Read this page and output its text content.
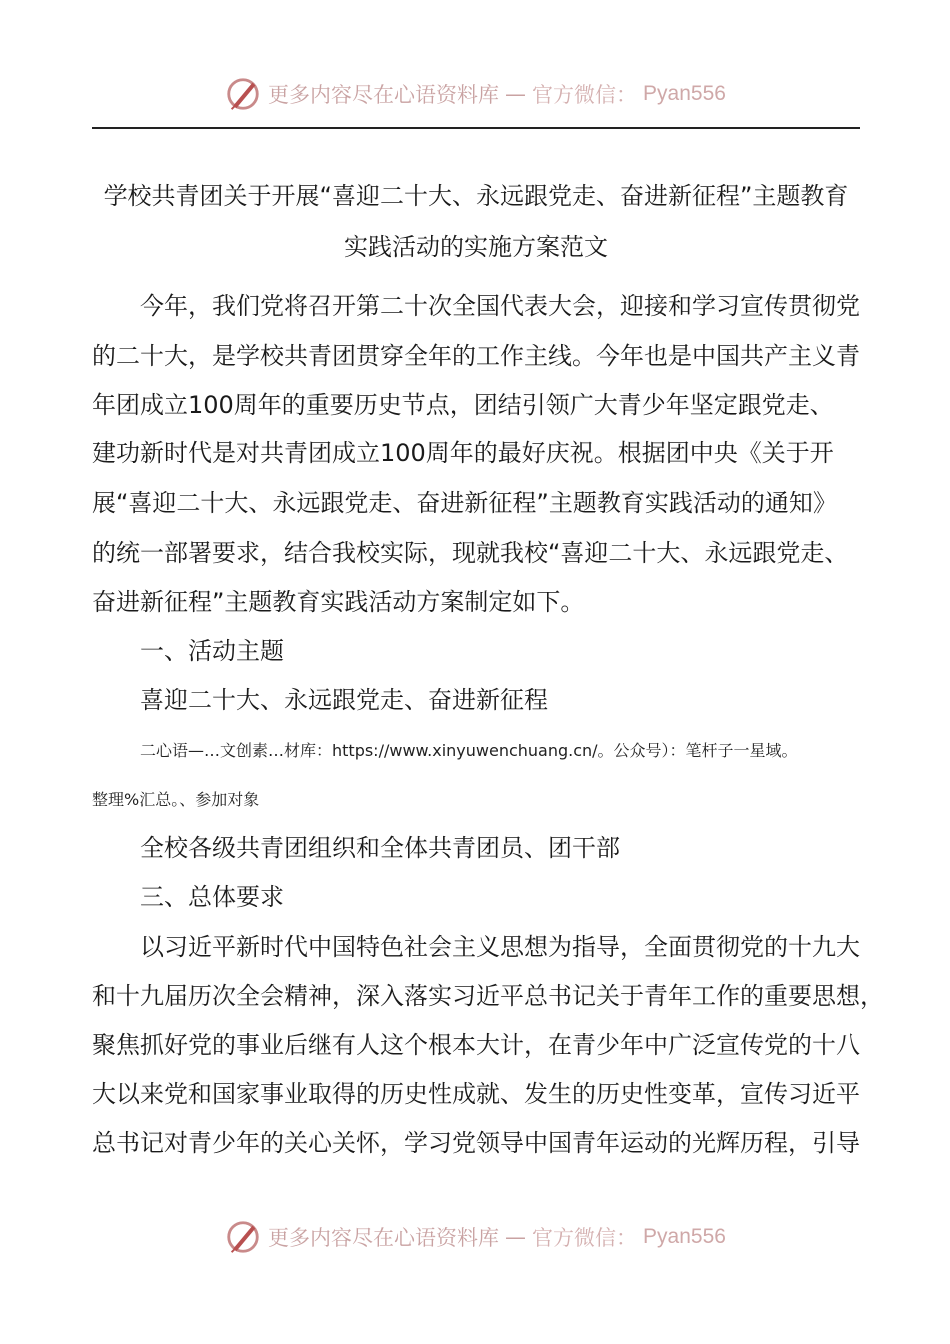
更多内容尽在心语资料库 — 官方微信： Pyan556
学校共青团关于开展“喜迎二十大、永远跟党走、奋进新征程”主题教育
实践活动的实施方案范文
今年，我们党将召开第二十次全国代表大会，迎接和学习宣传贯彻党
的二十大，是学校共青团贯穿全年的工作主线。今年也是中国共产主义青
年团成立100周年的重要历史节点，团结引领广大青少年坚定跟党走、
建功新时代是对共青团成立100周年的最好庆祝。根据团中央《关于开
展“喜迎二十大、永远跟党走、奋进新征程”主题教育实践活动的通知》
的统一部署要求，结合我校实际，现就我校“喜迎二十大、永远跟党走、
奋进新征程”主题教育实践活动方案制定如下。
一、活动主题
喜迎二十大、永远跟党走、奋进新征程
二心语—…文创素…材库：https://www.xinyuwenchuang.cn/。公众号）：笔杆子一星域。
整理%汇总。、参加对象
全校各级共青团组织和全体共青团员、团干部
三、总体要求
以习近平新时代中国特色社会主义思想为指导，全面贯彻党的十九大
和十九届历次全会精神，深入落实习近平总书记关于青年工作的重要思想，
聚焦抓好党的事业后继有人这个根本大计，在青少年中广泛宣传党的十八
大以来党和国家事业取得的历史性成就、发生的历史性变革，宣传习近平
总书记对青少年的关心关怀，学习党领导中国青年运动的光辉历程，引导
更多内容尽在心语资料库 — 官方微信： Pyan556
